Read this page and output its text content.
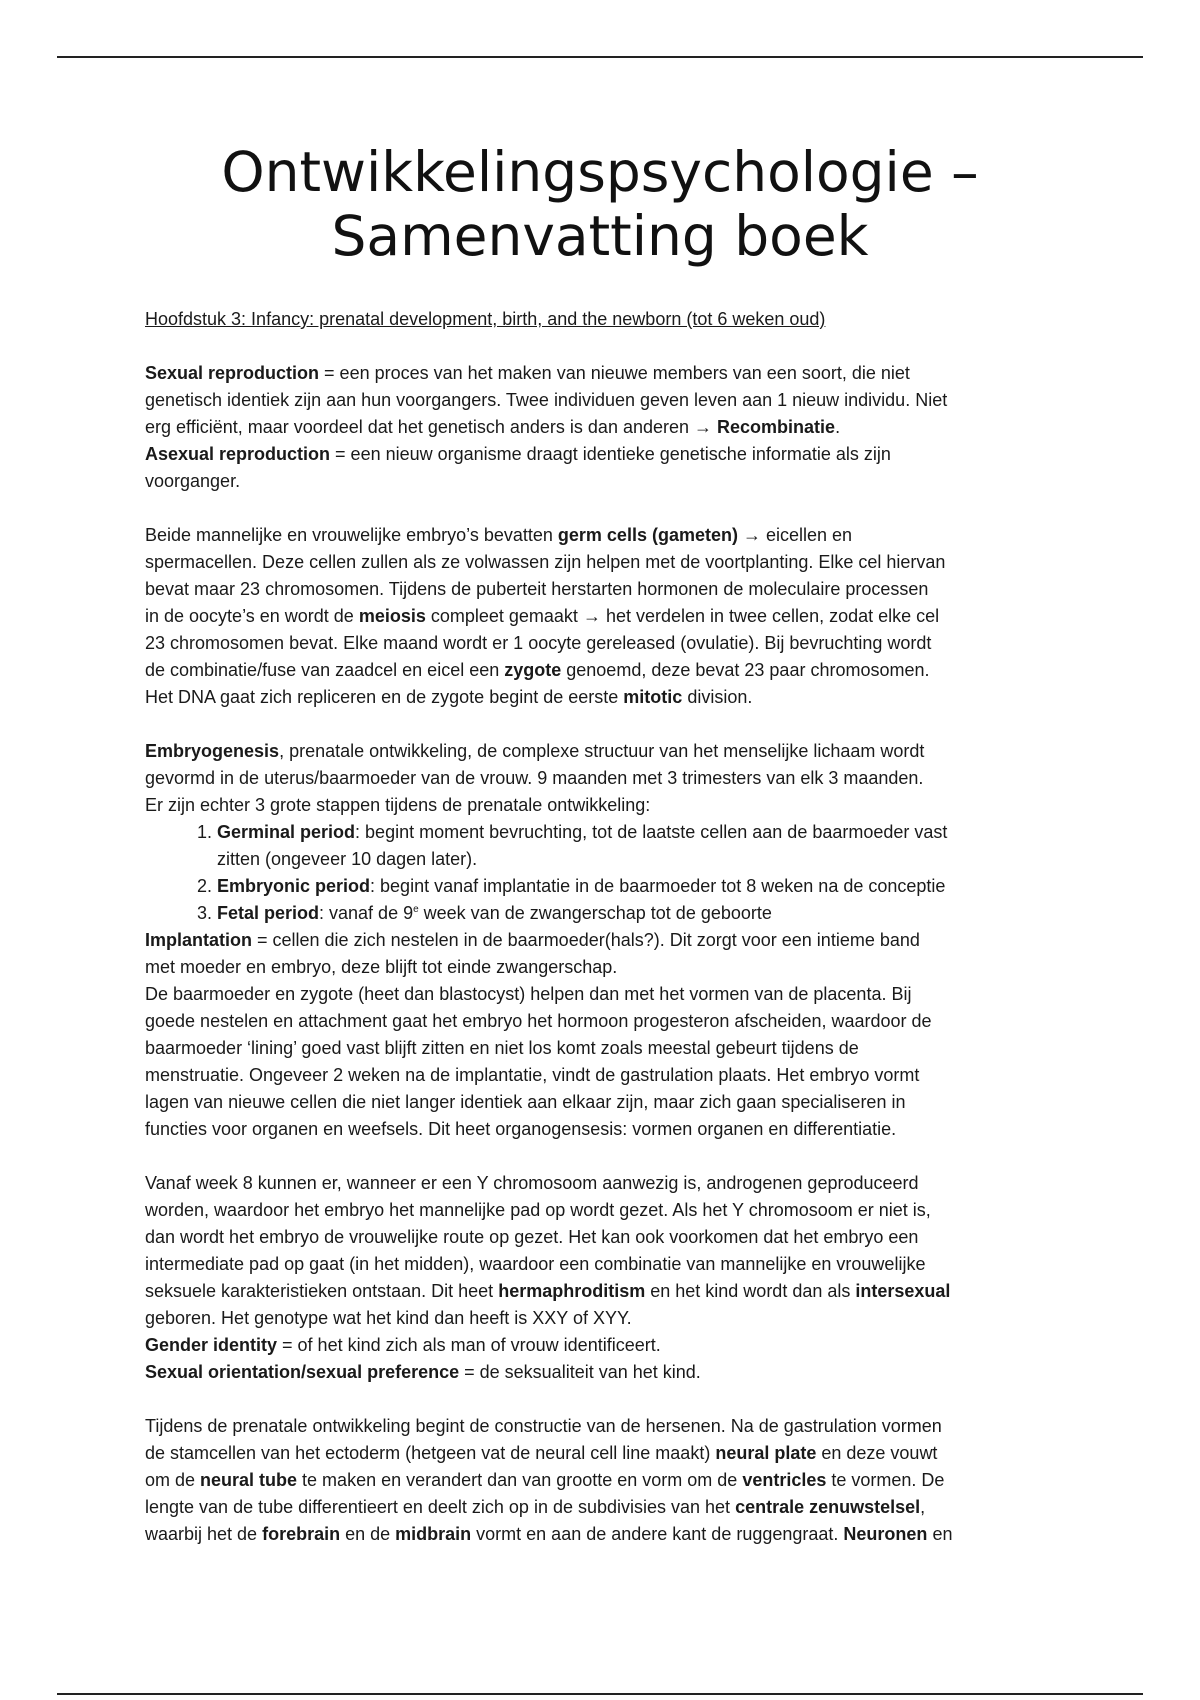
Ontwikkelingspsychologie –
Samenvatting boek

Hoofdstuk 3: Infancy: prenatal development, birth, and the newborn (tot 6 weken oud)

Sexual reproduction = een proces van het maken van nieuwe members van een soort, die niet

genetisch identiek zijn aan hun voorgangers. Twee individuen geven leven aan 1 nieuw individu. Niet

erg efficiënt, maar voordeel dat het genetisch anders is dan anderen → Recombinatie.

Asexual reproduction = een nieuw organisme draagt identieke genetische informatie als zijn

voorganger.

Beide mannelijke en vrouwelijke embryo’s bevatten germ cells (gameten) → eicellen en

spermacellen. Deze cellen zullen als ze volwassen zijn helpen met de voortplanting. Elke cel hiervan

bevat maar 23 chromosomen. Tijdens de puberteit herstarten hormonen de moleculaire processen

in de oocyte’s en wordt de meiosis compleet gemaakt → het verdelen in twee cellen, zodat elke cel

23 chromosomen bevat. Elke maand wordt er 1 oocyte gereleased (ovulatie). Bij bevruchting wordt

de combinatie/fuse van zaadcel en eicel een zygote genoemd, deze bevat 23 paar chromosomen.

Het DNA gaat zich repliceren en de zygote begint de eerste mitotic division.

Embryogenesis, prenatale ontwikkeling, de complexe structuur van het menselijke lichaam wordt

gevormd in de uterus/baarmoeder van de vrouw. 9 maanden met 3 trimesters van elk 3 maanden.

Er zijn echter 3 grote stappen tijdens de prenatale ontwikkeling:

1. Germinal period: begint moment bevruchting, tot de laatste cellen aan de baarmoeder vast
zitten (ongeveer 10 dagen later).
2. Embryonic period: begint vanaf implantatie in de baarmoeder tot 8 weken na de conceptie
3. Fetal period: vanaf de 9e week van de zwangerschap tot de geboorte

Implantation = cellen die zich nestelen in de baarmoeder(hals?). Dit zorgt voor een intieme band

met moeder en embryo, deze blijft tot einde zwangerschap.

De baarmoeder en zygote (heet dan blastocyst) helpen dan met het vormen van de placenta. Bij

goede nestelen en attachment gaat het embryo het hormoon progesteron afscheiden, waardoor de

baarmoeder ‘lining’ goed vast blijft zitten en niet los komt zoals meestal gebeurt tijdens de

menstruatie. Ongeveer 2 weken na de implantatie, vindt de gastrulation plaats. Het embryo vormt

lagen van nieuwe cellen die niet langer identiek aan elkaar zijn, maar zich gaan specialiseren in

functies voor organen en weefsels. Dit heet organogensesis: vormen organen en differentiatie.

Vanaf week 8 kunnen er, wanneer er een Y chromosoom aanwezig is, androgenen geproduceerd

worden, waardoor het embryo het mannelijke pad op wordt gezet. Als het Y chromosoom er niet is,

dan wordt het embryo de vrouwelijke route op gezet. Het kan ook voorkomen dat het embryo een

intermediate pad op gaat (in het midden), waardoor een combinatie van mannelijke en vrouwelijke

seksuele karakteristieken ontstaan. Dit heet hermaphroditism en het kind wordt dan als intersexual

geboren. Het genotype wat het kind dan heeft is XXY of XYY.

Gender identity = of het kind zich als man of vrouw identificeert.

Sexual orientation/sexual preference = de seksualiteit van het kind.

Tijdens de prenatale ontwikkeling begint de constructie van de hersenen. Na de gastrulation vormen

de stamcellen van het ectoderm (hetgeen vat de neural cell line maakt) neural plate en deze vouwt

om de neural tube te maken en verandert dan van grootte en vorm om de ventricles te vormen. De

lengte van de tube differentieert en deelt zich op in de subdivisies van het centrale zenuwstelsel,

waarbij het de forebrain en de midbrain vormt en aan de andere kant de ruggengraat. Neuronen en
